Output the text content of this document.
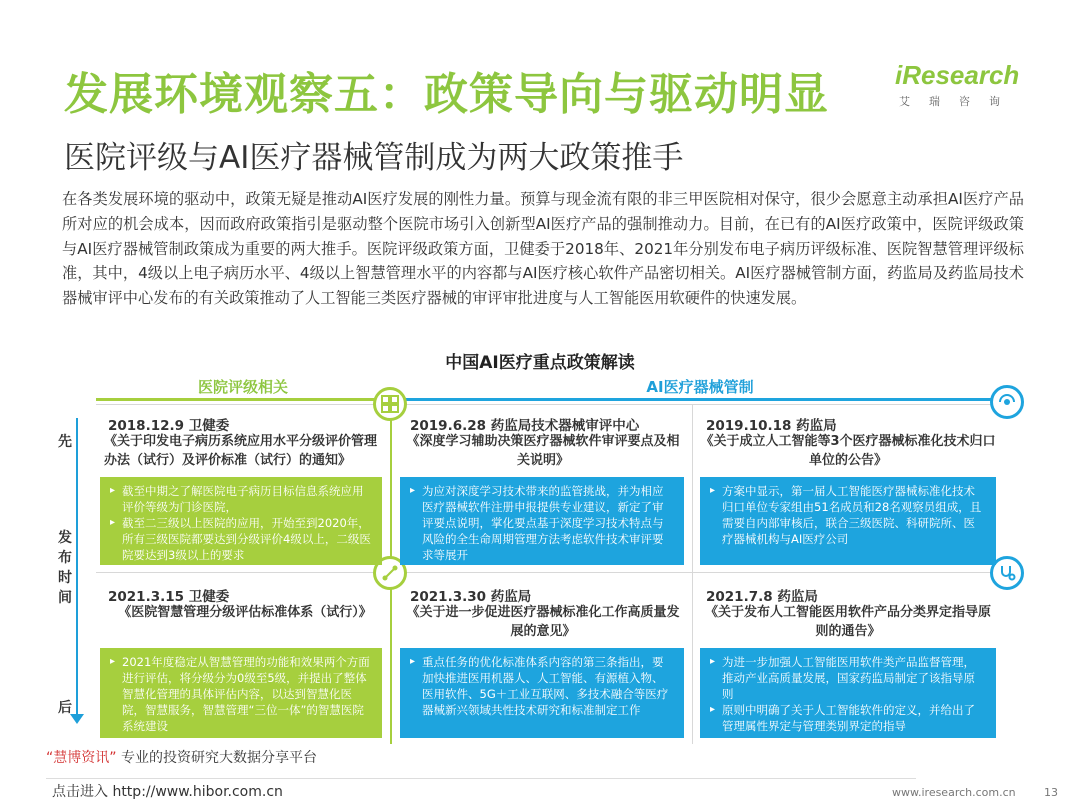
发展环境观察五：政策导向与驱动明显
医院评级与AI医疗器械管制成为两大政策推手
iResearch
艾瑞咨询
在各类发展环境的驱动中，政策无疑是推动AI医疗发展的刚性力量。预算与现金流有限的非三甲医院相对保守，很少会愿意主动承担AI医疗产品所对应的机会成本，因而政府政策指引是驱动整个医院市场引入创新型AI医疗产品的强制推动力。目前，在已有的AI医疗政策中，医院评级政策与AI医疗器械管制政策成为重要的两大推手。医院评级政策方面，卫健委于2018年、2021年分别发布电子病历评级标准、医院智慧管理评级标准，其中，4级以上电子病历水平、4级以上智慧管理水平的内容都与AI医疗核心软件产品密切相关。AI医疗器械管制方面，药监局及药监局技术器械审评中心发布的有关政策推动了人工智能三类医疗器械的审评审批进度与人工智能医用软硬件的快速发展。
中国AI医疗重点政策解读
医院评级相关	AI医疗器械管制
先
发
布
时
间
后
2018.12.9 卫健委
《关于印发电子病历系统应用水平分级评价管理办法（试行）及评价标准（试行）的通知》
▸ 截至中期之了解医院电子病历目标信息系统应用评价等级为门诊医院，
▸ 截至二三级以上医院的应用，开始至到2020年，所有三级医院都要达到分级评价4级以上，二级医院要达到3级以上的要求
2019.6.28 药监局技术器械审评中心
《深度学习辅助决策医疗器械软件审评要点及相关说明》
▸ 为应对深度学习技术带来的监管挑战，并为相应医疗器械软件注册申报提供专业建议，新定了审评要点说明，掌化要点基于深度学习技术特点与风险的全生命周期管理方法考虑软件技术审评要求等展开
2019.10.18 药监局
《关于成立人工智能等3个医疗器械标准化技术归口单位的公告》
▸ 方案中显示，第一届人工智能医疗器械标准化技术归口单位专家组由51名成员和28名观察员组成，且需要自内部审核后，联合三级医院、科研院所、医疗器械机构与AI医疗公司
2021.3.15 卫健委
《医院智慧管理分级评估标准体系（试行）》
▸ 2021年度稳定从智慧管理的功能和效果两个方面进行评估，将分级分为0级至5级，并提出了整体智慧化管理的具体评估内容，以达到智慧化医院，智慧服务，智慧管理“三位一体”的智慧医院系统建设
2021.3.30 药监局
《关于进一步促进医疗器械标准化工作高质量发展的意见》
▸ 重点任务的优化标准体系内容的第三条指出，要加快推进医用机器人、人工智能、有源植入物、医用软件、5G＋工业互联网、多技术融合等医疗器械新兴领域共性技术研究和标准制定工作
2021.7.8 药监局
《关于发布人工智能医用软件产品分类界定指导原则的通告》
▸ 为进一步加强人工智能医用软件类产品监督管理，推动产业高质量发展，国家药监局制定了该指导原则
▸ 原则中明确了关于人工智能软件的定义，并给出了管理属性界定与管理类别界定的指导
“慧博资讯” 专业的投资研究大数据分享平台
点击进入 http://www.hibor.com.cn	www.iresearch.com.cn	13
